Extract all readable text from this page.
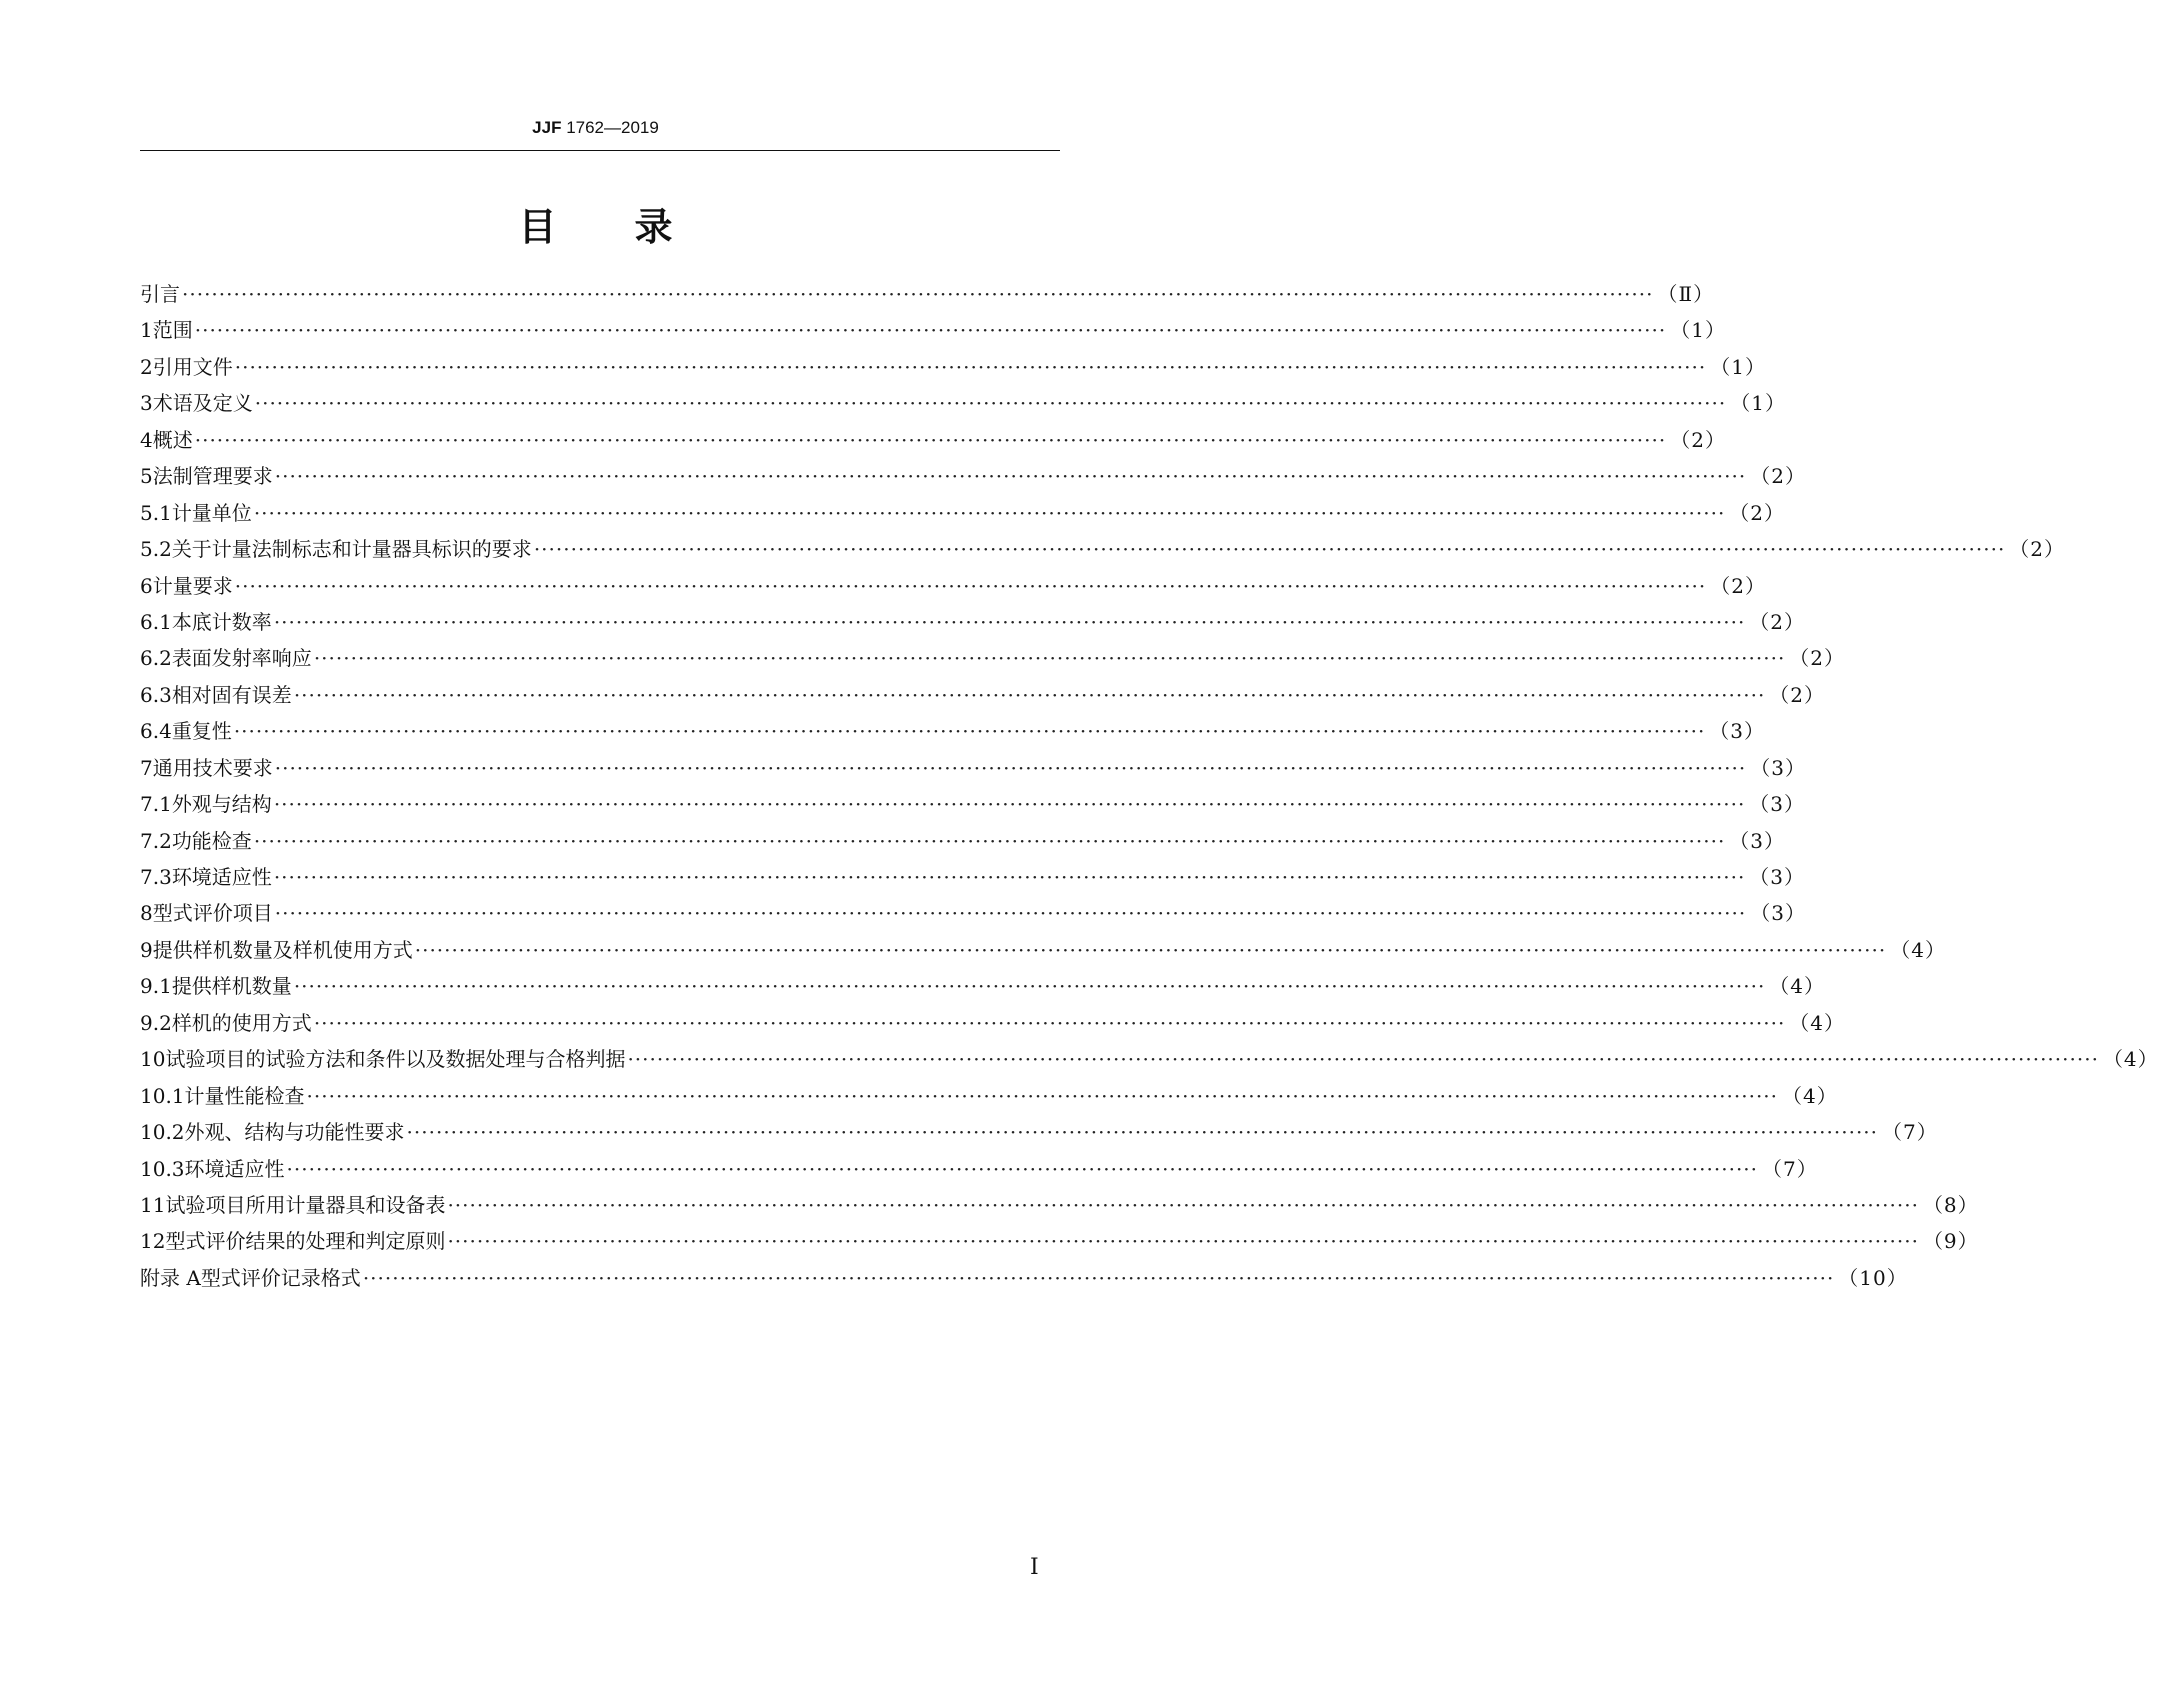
JJF 1762—2019
目录
引言 ········································································································································································································ （Ⅱ）
1 范围 ········································································································································································································ （1）
2 引用文件 ········································································································································································································ （1）
3 术语及定义 ········································································································································································································ （1）
4 概述 ········································································································································································································ （2）
5 法制管理要求 ········································································································································································································ （2）
5.1 计量单位 ········································································································································································································ （2）
5.2 关于计量法制标志和计量器具标识的要求 ········································································································································································································ （2）
6 计量要求 ········································································································································································································ （2）
6.1 本底计数率 ········································································································································································································ （2）
6.2 表面发射率响应 ········································································································································································································ （2）
6.3 相对固有误差 ········································································································································································································ （2）
6.4 重复性 ········································································································································································································ （3）
7 通用技术要求 ········································································································································································································ （3）
7.1 外观与结构 ········································································································································································································ （3）
7.2 功能检查 ········································································································································································································ （3）
7.3 环境适应性 ········································································································································································································ （3）
8 型式评价项目 ········································································································································································································ （3）
9 提供样机数量及样机使用方式 ········································································································································································································ （4）
9.1 提供样机数量 ········································································································································································································ （4）
9.2 样机的使用方式 ········································································································································································································ （4）
10 试验项目的试验方法和条件以及数据处理与合格判据 ········································································································································································································ （4）
10.1 计量性能检查 ········································································································································································································ （4）
10.2 外观、结构与功能性要求 ········································································································································································································ （7）
10.3 环境适应性 ········································································································································································································ （7）
11 试验项目所用计量器具和设备表 ········································································································································································································ （8）
12 型式评价结果的处理和判定原则 ········································································································································································································ （9）
附录 A 型式评价记录格式 ········································································································································································································ （10）
Ⅰ
